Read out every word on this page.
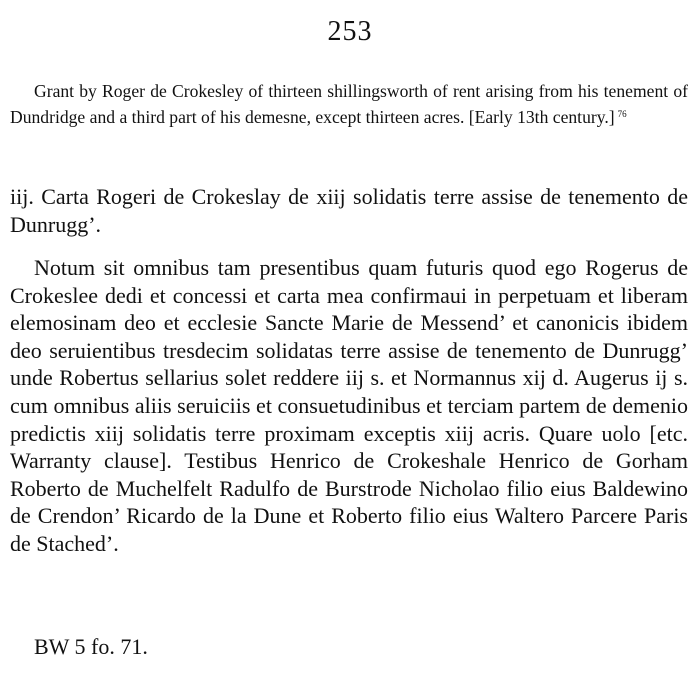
253

Grant by Roger de Crokesley of thirteen shillingsworth of rent arising from his tenement of Dundridge and a third part of his demesne, except thirteen acres. [Early 13th century.] $^{76}$

iij. Carta Rogeri de Crokeslay de xiij solidatis terre assise de tenemento de Dunrugg’.

Notum sit omnibus tam presentibus quam futuris quod ego Rogerus de Crokeslee dedi et concessi et carta mea confirmaui in perpetuam et liberam elemosinam deo et ecclesie Sancte Marie de Messend’ et canonicis ibidem deo seruientibus tresdecim solidatas terre assise de tenemento de Dunrugg’ unde Robertus sellarius solet reddere iij s. et Normannus xij d. Augerus ij s. cum omnibus aliis seruiciis et consuetudinibus et terciam partem de demenio predictis xiij solidatis terre proximam exceptis xiij acris. Quare uolo [etc. Warranty clause]. Testibus Henrico de Crokeshale Henrico de Gorham Roberto de Muchelfelt Radulfo de Burstrode Nicholao filio eius Baldewino de Crendon’ Ricardo de la Dune et Roberto filio eius Waltero Parcere Paris de Stached’.

BW 5 fo. 71.
